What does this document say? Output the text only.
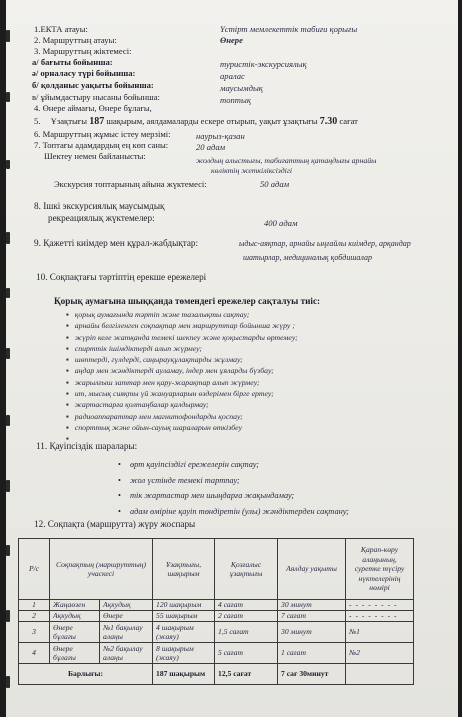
1.ЕКТА атауы:	Үстірт мемлекеттік табиғи қорығы
2. Маршруттың атауы:	Өнере
3. Маршруттың жіктемесі:
а/ бағыты бойынша:	туристік-экскурсиялық
ә/ орналасу түрі бойынша:	аралас
б/ қолданыс уақыты бойынша:	маусымдық
в/ ұйымдастыру нысаны бойынша:	топтық
4. Өнере аймағы, Өнере бұлағы,
5. Ұзақтығы 187 шақырым, аялдамаларды ескере отырып, уақыт ұзақтығы 7.30 сағат
6. Маршруттың жұмыс істеу мерзімі:	наурыз-қазан
7. Топтағы адамдардың ең көп саны:	20 адам
Шектеу немен байланысты:	жолдың алыстығы, табиғаттың қатаңдығы арнайы
көліктің жеткіліксіздігі
Экскурсия топтарының айына жүктемесі:	50 адам
8. Ішкі экскурсиялық маусымдық
рекреациялық жүктемелер:	400 адам
9. Қажетті киімдер мен құрал-жабдықтар:	ыдыс-аяқтар, арнайы ыңғайлы киімдер, арқандар
шатырлар, медициналық қобдишалар
10. Соқпақтағы тәртіптің ерекше ережелері
Қорық аумағына шыққанда төмендегі ережелер сақталуы тиіс:
▪ қорық аумағында тәртіп және тазалықты сақтау;
▪ арнайы белгіленген соқпақтар мен маршруттар бойынша жүру ;
▪ жүріп келе жатқанда темекі шекпеу және қоқыстарды өртемеу;
▪ спирттік ішімдіктерді алып жүрмеу;
▪ шөптерді, гүлдерді, саңырауқұлақтарды жұлмау;
▪ аңдар мен жәндіктерді ауламау, індер мен ұяларды бүзбау;
▪ жарылғыш заттар мен қару-жарақтар алып жүрмеу;
▪ ит, мысық сияқты үй жануарларын өздерімен бірге ертеу;
▪ жартастарға қолтаңбалар қалдырмау;
▪ радиоаппараттар мен магнитофондарды қоспау;
▪ спорттық және ойын-сауық шараларын өткізбеу
▪
11. Қауіпсіздік шаралары:
• өрт қауіпсіздігі ережелерін сақтау;
• жол үстінде темекі тартпау;
• тік жартастар мен шыңдарға жақындамау;
• адам өміріне қауіп төндіретін (улы) жәндіктерден сақтану;
12. Соқпақта (маршрутта) жүру жоспары
Р/с	Соқпақтың (маршруттың) учаскесі		Ұзақтығы, шақырым	Қозғалыс ұзақтығы	Аялдау уақыты	Қарап-көру алаңының, суретке түсіру нүктелерінің нөмірі
1	Жаңаөзен	Ақкудық	120 шақырым	4 сағат	30 минут	- - - - - - - -
2	Ақкудық	Өнере	55 шақырым	2 сағат	7 сағат	- - - - - - - -
3	Өнере бұлағы	№1 бақылау алаңы	4 шақырым (жаяу)	1,5 сағат	30 минут	№1
4	Өнере бұлағы	№2 бақылау алаңы	8 шақырым (жаяу)	5 сағат	1 сағат	№2
Барлығы:			187 шақырым	12,5 сағат	7 сағ 30минут	
